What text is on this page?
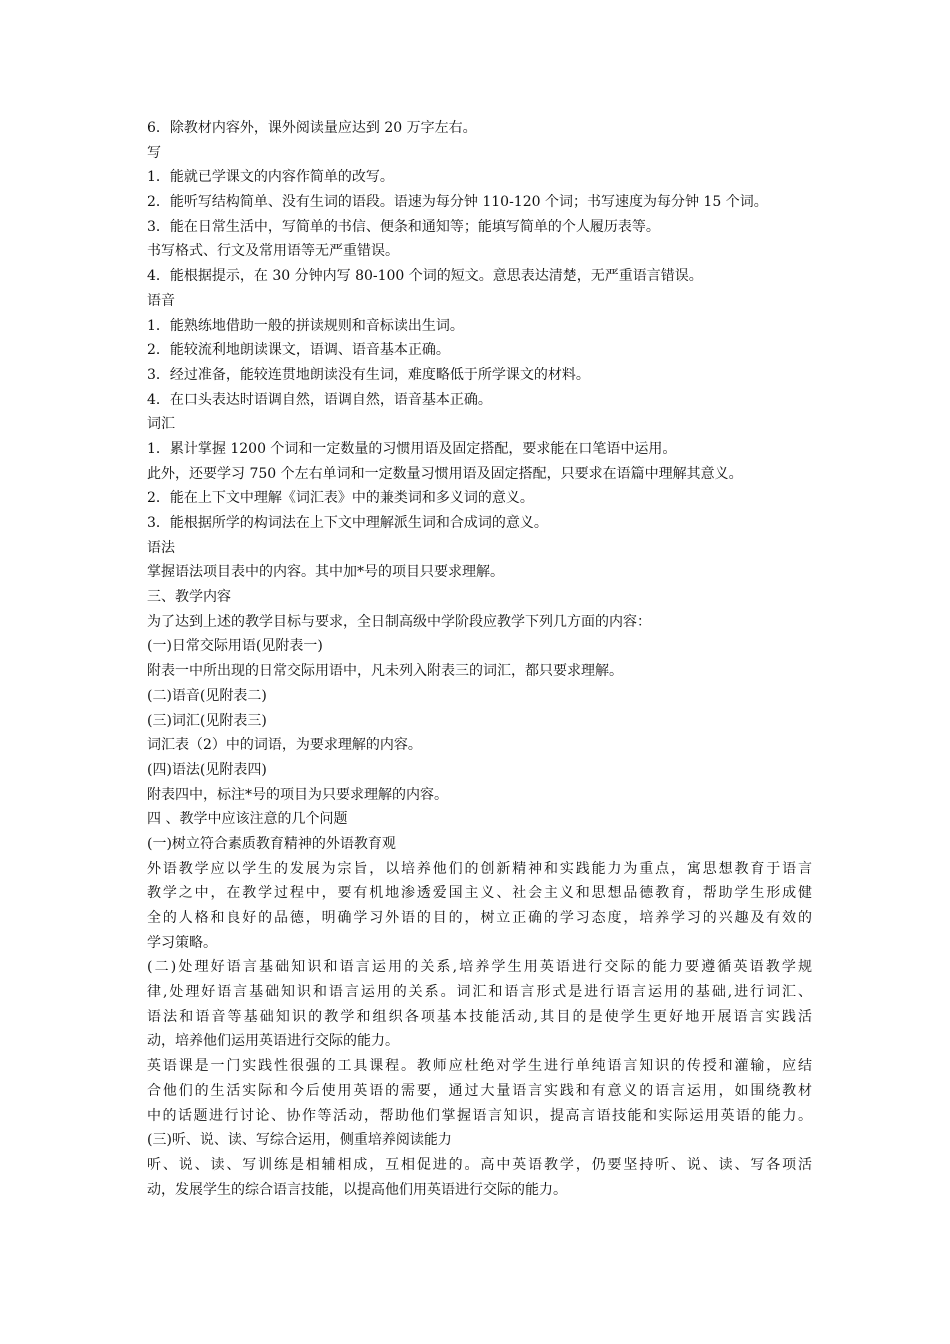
6．除教材内容外，课外阅读量应达到 20 万字左右。
写
1．能就已学课文的内容作简单的改写。
2．能听写结构简单、没有生词的语段。语速为每分钟 110-120 个词；书写速度为每分钟 15 个词。
3．能在日常生活中，写简单的书信、便条和通知等；能填写简单的个人履历表等。
书写格式、行文及常用语等无严重错误。
4．能根据提示，在 30 分钟内写 80-100 个词的短文。意思表达清楚，无严重语言错误。
语音
1．能熟练地借助一般的拼读规则和音标读出生词。
2．能较流利地朗读课文，语调、语音基本正确。
3．经过准备，能较连贯地朗读没有生词，难度略低于所学课文的材料。
4．在口头表达时语调自然，语调自然，语音基本正确。
词汇
1．累计掌握 1200 个词和一定数量的习惯用语及固定搭配，要求能在口笔语中运用。
此外，还要学习 750 个左右单词和一定数量习惯用语及固定搭配，只要求在语篇中理解其意义。
2．能在上下文中理解《词汇表》中的兼类词和多义词的意义。
3．能根据所学的构词法在上下文中理解派生词和合成词的意义。
语法
掌握语法项目表中的内容。其中加*号的项目只要求理解。
三、教学内容
为了达到上述的教学目标与要求，全日制高级中学阶段应教学下列几方面的内容：
(一)日常交际用语(见附表一)
附表一中所出现的日常交际用语中，凡未列入附表三的词汇，都只要求理解。
(二)语音(见附表二)
(三)词汇(见附表三)
词汇表（2）中的词语，为要求理解的内容。
(四)语法(见附表四)
附表四中，标注*号的项目为只要求理解的内容。
四 、教学中应该注意的几个问题
(一)树立符合素质教育精神的外语教育观
外语教学应以学生的发展为宗旨，以培养他们的创新精神和实践能力为重点，寓思想教育于语言
教学之中，在教学过程中，要有机地渗透爱国主义、社会主义和思想品德教育，帮助学生形成健
全的人格和良好的品德，明确学习外语的目的，树立正确的学习态度，培养学习的兴趣及有效的
学习策略。
(二)处理好语言基础知识和语言运用的关系,培养学生用英语进行交际的能力要遵循英语教学规
律,处理好语言基础知识和语言运用的关系。词汇和语言形式是进行语言运用的基础,进行词汇、
语法和语音等基础知识的教学和组织各项基本技能活动,其目的是使学生更好地开展语言实践活
动，培养他们运用英语进行交际的能力。
英语课是一门实践性很强的工具课程。教师应杜绝对学生进行单纯语言知识的传授和灌输，应结
合他们的生活实际和今后使用英语的需要，通过大量语言实践和有意义的语言运用，如围绕教材
中的话题进行讨论、协作等活动，帮助他们掌握语言知识，提高言语技能和实际运用英语的能力。
(三)听、说、读、写综合运用，侧重培养阅读能力
听、说、读、写训练是相辅相成，互相促进的。高中英语教学，仍要坚持听、说、读、写各项活
动，发展学生的综合语言技能，以提高他们用英语进行交际的能力。
